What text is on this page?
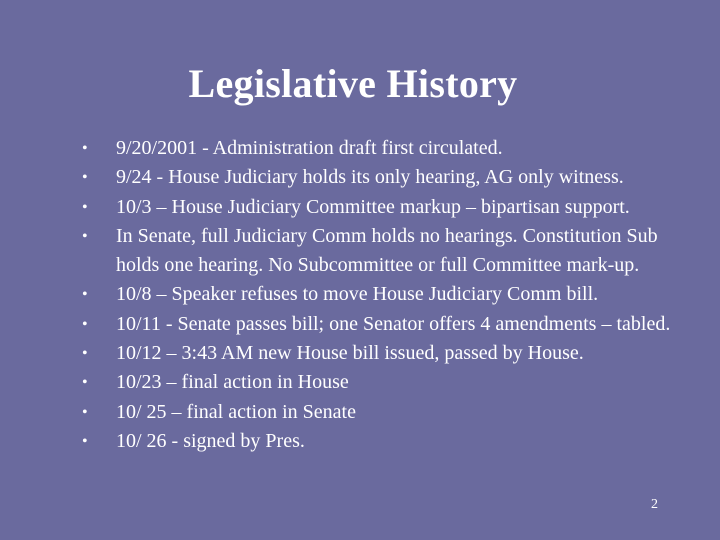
Legislative History
• 9/20/2001 - Administration draft first circulated.
• 9/24 - House Judiciary holds its only hearing, AG only witness.
• 10/3 – House Judiciary Committee markup – bipartisan support.
• In Senate, full Judiciary Comm holds no hearings. Constitution Sub holds one hearing. No Subcommittee or full Committee mark-up.
• 10/8 – Speaker refuses to move House Judiciary Comm bill.
• 10/11 - Senate passes bill; one Senator offers 4 amendments – tabled.
• 10/12 – 3:43 AM new House bill issued, passed by House.
• 10/23 – final action in House
• 10/ 25 – final action in Senate
• 10/ 26 - signed by Pres.
2
